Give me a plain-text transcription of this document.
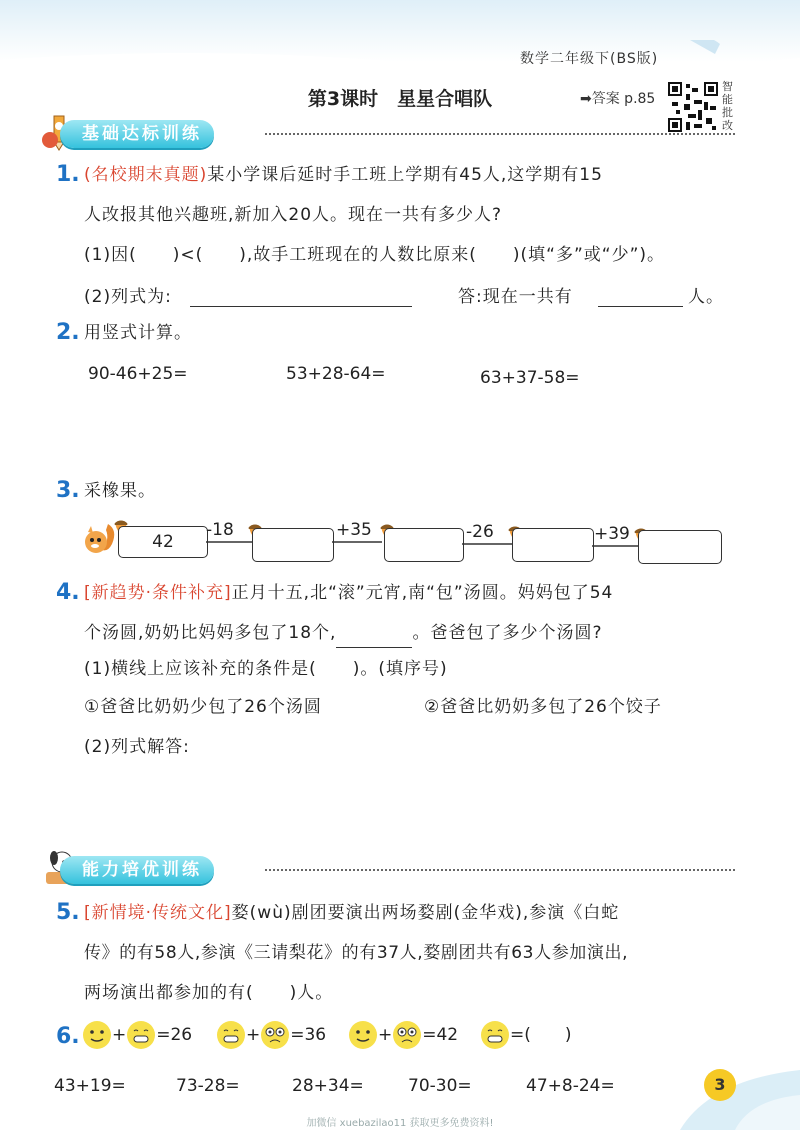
数学二年级下(BS版)
第3课时　星星合唱队	➡答案 p.85
智能批改
基础达标训练
1. (名校期末真题)某小学课后延时手工班上学期有45人,这学期有15
人改报其他兴趣班,新加入20人。现在一共有多少人?
(1)因(　　)<(　　),故手工班现在的人数比原来(　　)(填“多”或“少”)。
(2)列式为:	答:现在一共有	人。
2. 用竖式计算。
90-46+25=	53+28-64=	63+37-58=
3. 采橡果。
42
-18	+35	-26	+39
4. [新趋势·条件补充]正月十五,北“滚”元宵,南“包”汤圆。妈妈包了54
个汤圆,奶奶比妈妈多包了18个,	。爸爸包了多少个汤圆?
(1)横线上应该补充的条件是(　　)。(填序号)
①爸爸比奶奶少包了26个汤圆	②爸爸比奶奶多包了26个饺子
(2)列式解答:
能力培优训练
5. [新情境·传统文化]婺(wù)剧团要演出两场婺剧(金华戏),参演《白蛇
传》的有58人,参演《三请梨花》的有37人,婺剧团共有63人参加演出,
两场演出都参加的有(　　)人。
6.	+ =26	+ =36	+ =42	=(　　)
43+19=	73-28=	28+34=	70-30=	47+8-24=	3
加微信 xuebazilao11 获取更多免费资料!
